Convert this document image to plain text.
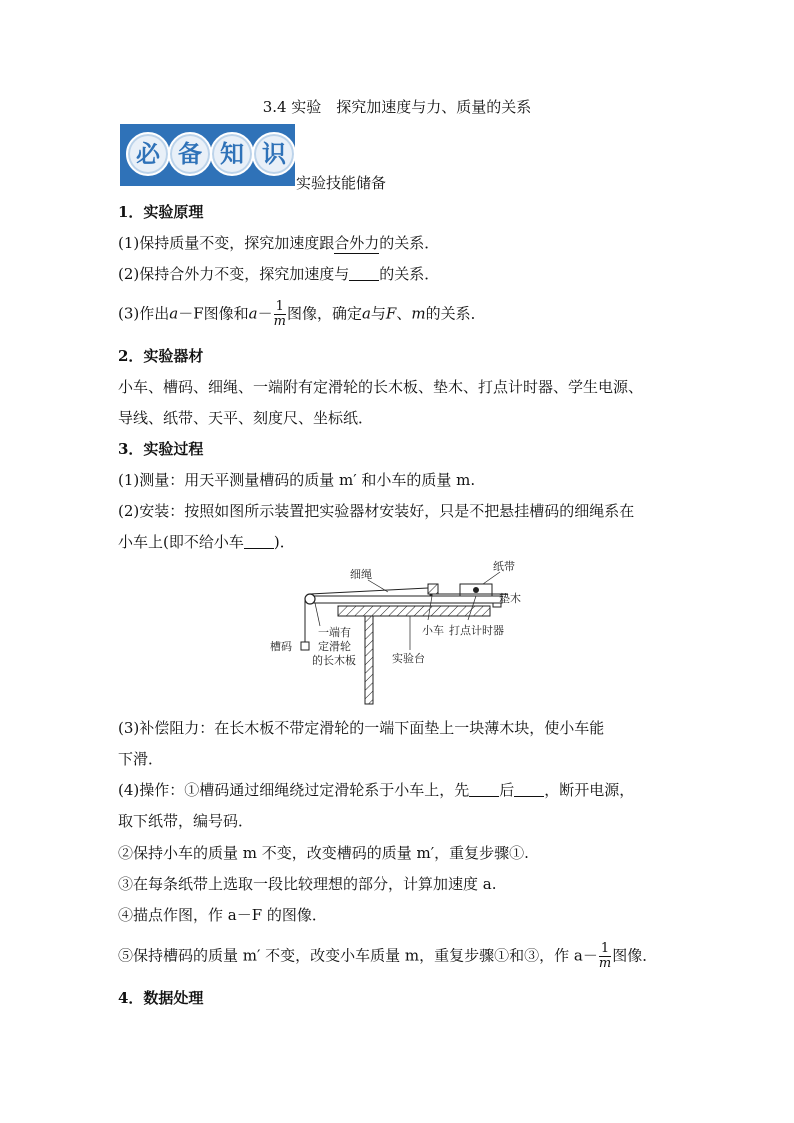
3.4 实验　探究加速度与力、质量的关系
必 备 知 识
实验技能储备
1．实验原理
(1)保持质量不变，探究加速度跟合外力的关系．
(2)保持合外力不变，探究加速度与 的关系．
(3)作出a－F图像和$a- \frac{1}{m}$ 图像，确定a与F、m的关系．
2．实验器材
小车、槽码、细绳、一端附有定滑轮的长木板、垫木、打点计时器、学生电源、
导线、纸带、天平、刻度尺、坐标纸．
3．实验过程
(1)测量：用天平测量槽码的质量 m′ 和小车的质量 m.
(2)安装：按照如图所示装置把实验器材安装好，只是不把悬挂槽码的细绳系在
小车上(即不给小车 )．
细绳
纸带
垫木
槽码
一端有
定滑轮
的长木板
小车 打点计时器
实验台
(3)补偿阻力：在长木板不带定滑轮的一端下面垫上一块薄木块，使小车能
下滑．
(4)操作：①槽码通过细绳绕过定滑轮系于小车上，先 后 ，断开电源，
取下纸带，编号码．
②保持小车的质量 m 不变，改变槽码的质量 m′，重复步骤①.
③在每条纸带上选取一段比较理想的部分，计算加速度 a.
④描点作图，作 a－F 的图像．
⑤保持槽码的质量 m′ 不变，改变小车质量 m，重复步骤①和③，作 $a- \frac{1}{m}$ 图像．
4．数据处理
